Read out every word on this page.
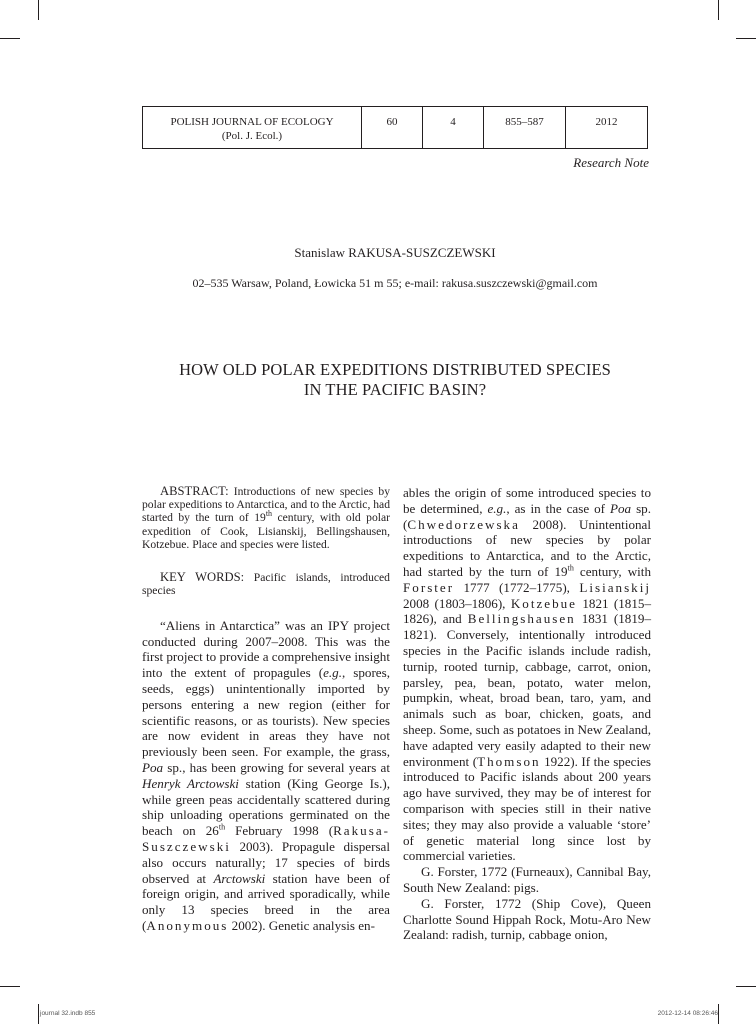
POLISH JOURNAL OF ECOLOGY
(Pol. J. Ecol.)
	60	4	855–587	2012
Research Note
Stanislaw RAKUSA-SUSZCZEWSKI
02–535 Warsaw, Poland, Łowicka 51 m 55; e-mail: rakusa.suszczewski@gmail.com
HOW OLD POLAR EXPEDITIONS DISTRIBUTED SPECIES
IN THE PACIFIC BASIN?

ABSTRACT: Introductions of new species by polar expeditions to Antarctica, and to the Arctic, had started by the turn of 19th century, with old polar expedition of Cook, Lisianskij, Bellingshausen, Kotzebue. Place and species were listed.

KEY WORDS: Pacific islands, introduced species

“Aliens in Antarctica” was an IPY project conducted during 2007–2008. This was the first project to provide a comprehensive insight into the extent of propagules (e.g., spores, seeds, eggs) unintentionally imported by persons entering a new region (either for scientific reasons, or as tourists). New species are now evident in areas they have not previously been seen. For example, the grass, Poa sp., has been growing for several years at Henryk Arctowski station (King George Is.), while green peas accidentally scattered during ship unloading operations germinated on the beach on 26th February 1998 (Rakusa-Suszczewski 2003). Propagule dispersal also occurs naturally; 17 species of birds observed at Arctowski station have been of foreign origin, and arrived sporadically, while only 13 species breed in the area (Anonymous 2002). Genetic analysis en-

ables the origin of some introduced species to be determined, e.g., as in the case of Poa sp. (Chwedorzewska 2008). Unintentional introductions of new species by polar expeditions to Antarctica, and to the Arctic, had started by the turn of 19th century, with Forster 1777 (1772–1775), Lisianskij 2008 (1803–1806), Kotzebue 1821 (1815–1826), and Bellingshausen 1831 (1819–1821). Conversely, intentionally introduced species in the Pacific islands include radish, turnip, rooted turnip, cabbage, carrot, onion, parsley, pea, bean, potato, water melon, pumpkin, wheat, broad bean, taro, yam, and animals such as boar, chicken, goats, and sheep. Some, such as potatoes in New Zealand, have adapted very easily adapted to their new environment (Thomson 1922). If the species introduced to Pacific islands about 200 years ago have survived, they may be of interest for comparison with species still in their native sites; they may also provide a valuable ‘store’ of genetic material long since lost by commercial varieties.

G. Forster, 1772 (Furneaux), Cannibal Bay, South New Zealand: pigs.

G. Forster, 1772 (Ship Cove), Queen Charlotte Sound Hippah Rock, Motu-Aro New Zealand: radish, turnip, cabbage onion,

journal 32.indb 855	2012-12-14 08:26:46
